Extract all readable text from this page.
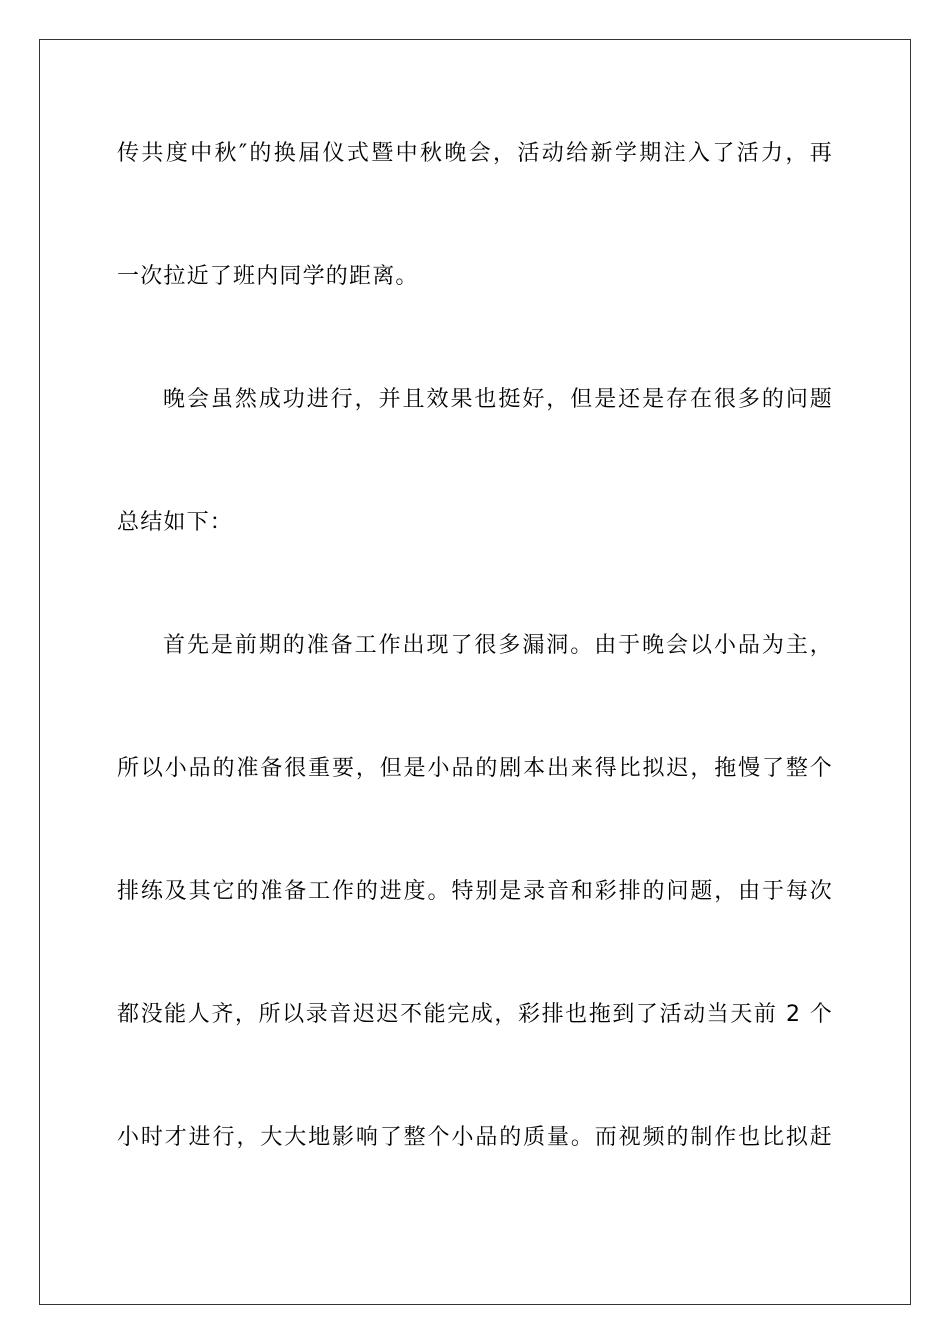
传共度中秋″的换届仪式暨中秋晚会，活动给新学期注入了活力，再
一次拉近了班内同学的距离。
晚会虽然成功进行，并且效果也挺好，但是还是存在很多的问题
总结如下：
首先是前期的准备工作出现了很多漏洞。由于晚会以小品为主，
所以小品的准备很重要，但是小品的剧本出来得比拟迟，拖慢了整个
排练及其它的准备工作的进度。特别是录音和彩排的问题，由于每次
都没能人齐，所以录音迟迟不能完成，彩排也拖到了活动当天前 2 个
小时才进行，大大地影响了整个小品的质量。而视频的制作也比拟赶
